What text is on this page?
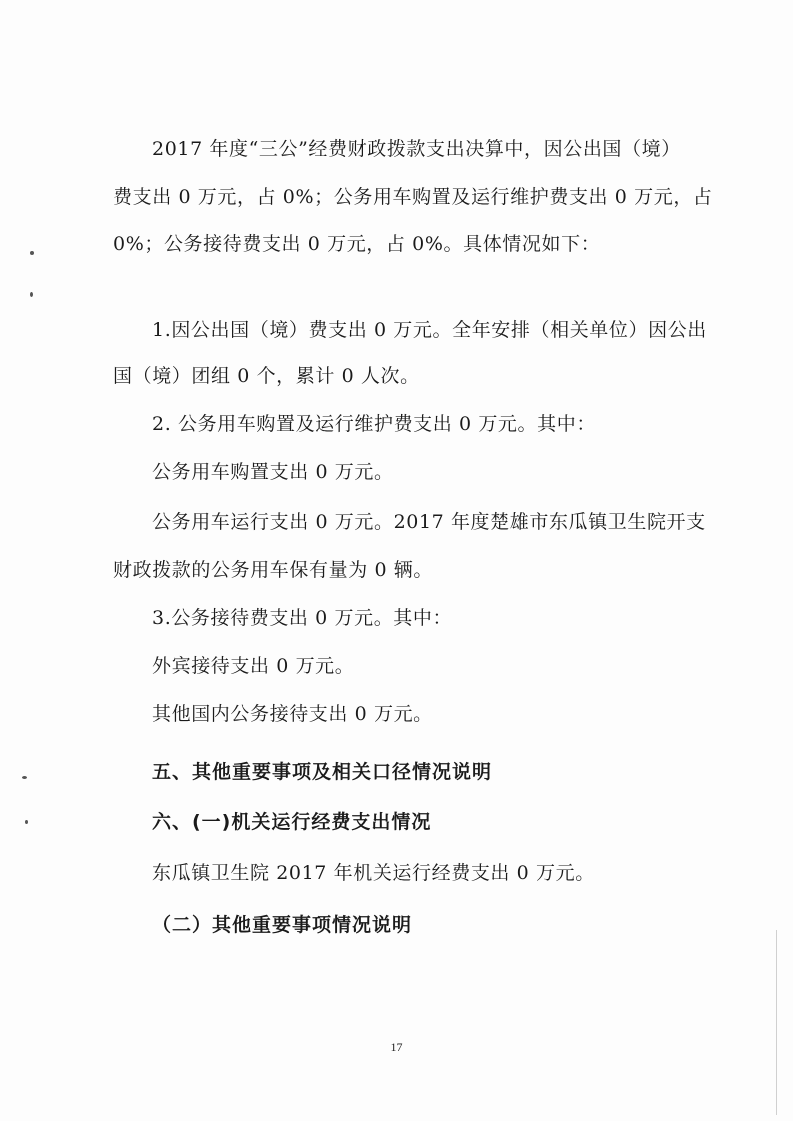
2017 年度“三公”经费财政拨款支出决算中，因公出国（境）
费支出 0 万元，占 0%；公务用车购置及运行维护费支出 0 万元，占
0%；公务接待费支出 0 万元，占 0%。具体情况如下：
1.因公出国（境）费支出 0 万元。全年安排（相关单位）因公出
国（境）团组 0 个，累计 0 人次。
2. 公务用车购置及运行维护费支出 0 万元。其中：
公务用车购置支出 0 万元。
公务用车运行支出 0 万元。2017 年度楚雄市东瓜镇卫生院开支
财政拨款的公务用车保有量为 0 辆。
3.公务接待费支出 0 万元。其中：
外宾接待支出 0 万元。
其他国内公务接待支出 0 万元。
五、其他重要事项及相关口径情况说明
六、(一)机关运行经费支出情况
东瓜镇卫生院 2017 年机关运行经费支出 0 万元。
（二）其他重要事项情况说明
17
